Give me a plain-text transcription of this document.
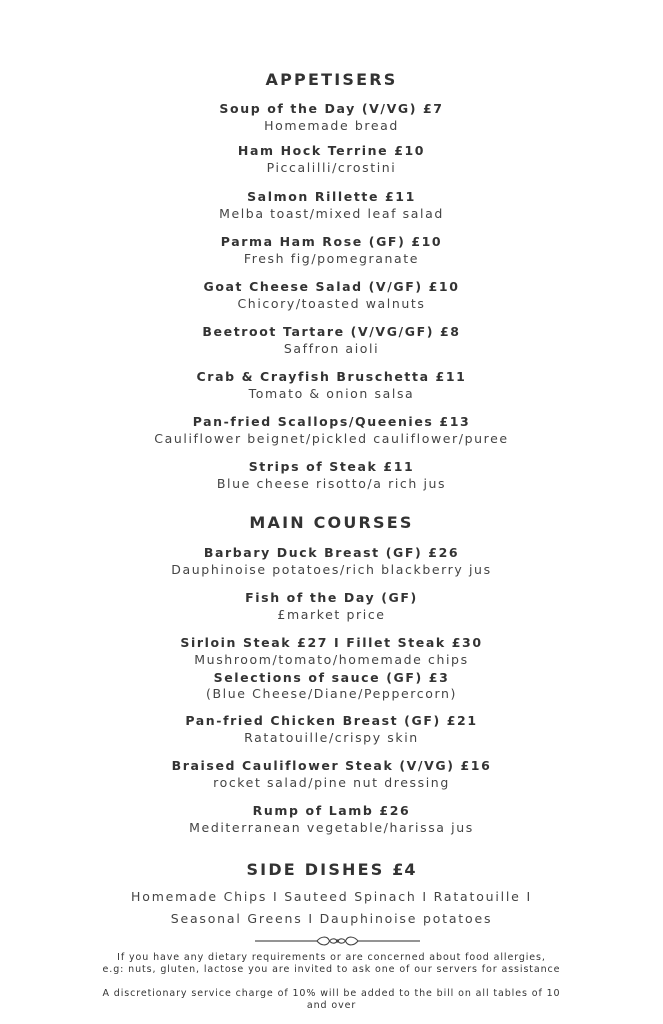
APPETISERS
Soup of the Day (V/VG) £7
Homemade bread
Ham Hock Terrine £10
Piccalilli/crostini
Salmon Rillette £11
Melba toast/mixed leaf salad
Parma Ham Rose (GF) £10
Fresh fig/pomegranate
Goat Cheese Salad (V/GF) £10
Chicory/toasted walnuts
Beetroot Tartare (V/VG/GF) £8
Saffron aioli
Crab & Crayfish Bruschetta £11
Tomato & onion salsa
Pan-fried Scallops/Queenies £13
Cauliflower beignet/pickled cauliflower/puree
Strips of Steak £11
Blue cheese risotto/a rich jus
MAIN COURSES
Barbary Duck Breast (GF) £26
Dauphinoise potatoes/rich blackberry jus
Fish of the Day (GF)
£market price
Sirloin Steak £27 I Fillet Steak £30
Mushroom/tomato/homemade chips
Selections of sauce (GF) £3
(Blue Cheese/Diane/Peppercorn)
Pan-fried Chicken Breast (GF) £21
Ratatouille/crispy skin
Braised Cauliflower Steak (V/VG) £16
rocket salad/pine nut dressing
Rump of Lamb £26
Mediterranean vegetable/harissa jus
SIDE DISHES £4
Homemade Chips I Sauteed Spinach I Ratatouille I
Seasonal Greens I Dauphinoise potatoes
If you have any dietary requirements or are concerned about food allergies,
e.g: nuts, gluten, lactose you are invited to ask one of our servers for assistance
A discretionary service charge of 10% will be added to the bill on all tables of 10
and over
